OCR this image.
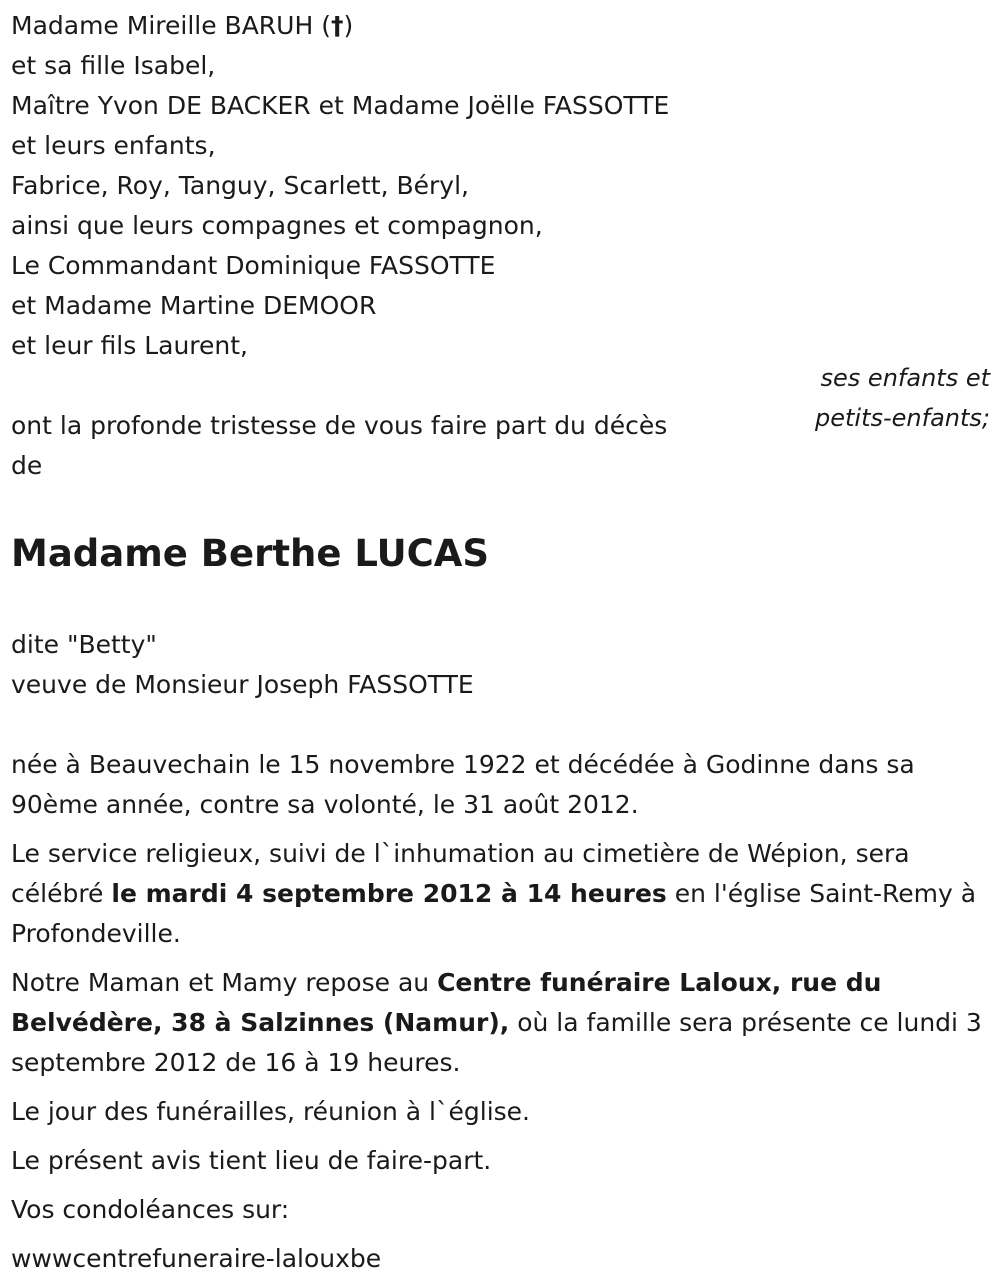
Madame Mireille BARUH (†)
et sa fille Isabel,
Maître Yvon DE BACKER et Madame Joëlle FASSOTTE
et leurs enfants,
Fabrice, Roy, Tanguy, Scarlett, Béryl,
ainsi que leurs compagnes et compagnon,
Le Commandant Dominique FASSOTTE
et Madame Martine DEMOOR
et leur fils Laurent,
ses enfants et
petits-enfants;
ont la profonde tristesse de vous faire part du décès
de
Madame Berthe LUCAS
dite "Betty"
veuve de Monsieur Joseph FASSOTTE
née à Beauvechain le 15 novembre 1922 et décédée à Godinne dans sa
90ème année, contre sa volonté, le 31 août 2012.
Le service religieux, suivi de l`inhumation au cimetière de Wépion, sera
célébré le mardi 4 septembre 2012 à 14 heures en l'église Saint-Remy à
Profondeville.
Notre Maman et Mamy repose au Centre funéraire Laloux, rue du
Belvédère, 38 à Salzinnes (Namur), où la famille sera présente ce lundi 3
septembre 2012 de 16 à 19 heures.
Le jour des funérailles, réunion à l`église.
Le présent avis tient lieu de faire-part.
Vos condoléances sur:
wwwcentrefuneraire-lalouxbe
